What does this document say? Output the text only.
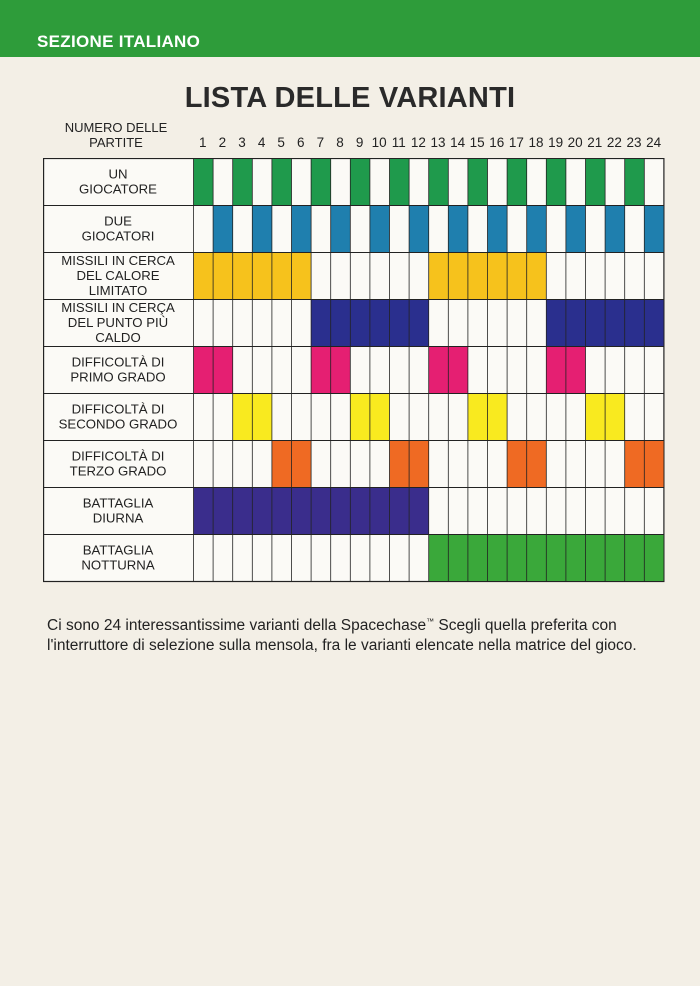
SEZIONE ITALIANO
LISTA DELLE VARIANTI
NUMERO DELLE
PARTITE
UN GIOCATORE
DUE GIOCATORI
MISSILI IN CERCA DEL CALORE LIMITATO
MISSILI IN CERÇA DEL PUNTO PIÙ CALDO
DIFFICOLTÀ DI PRIMO GRADO
DIFFICOLTÀ DI SECONDO GRADO
DIFFICOLTÀ DI TERZO GRADO
BATTAGLIA DIURNA
BATTAGLIA NOTTURNA
Ci sono 24 interessantissime varianti della Spacechase™ Scegli quella preferita con l'interruttore di selezione sulla mensola, fra le varianti elencate nella matrice del gioco.
1 2 3 4 5 6 7 8 9 10 11 12 13 14 15 16 17 18 19 20 21 22 23 24
